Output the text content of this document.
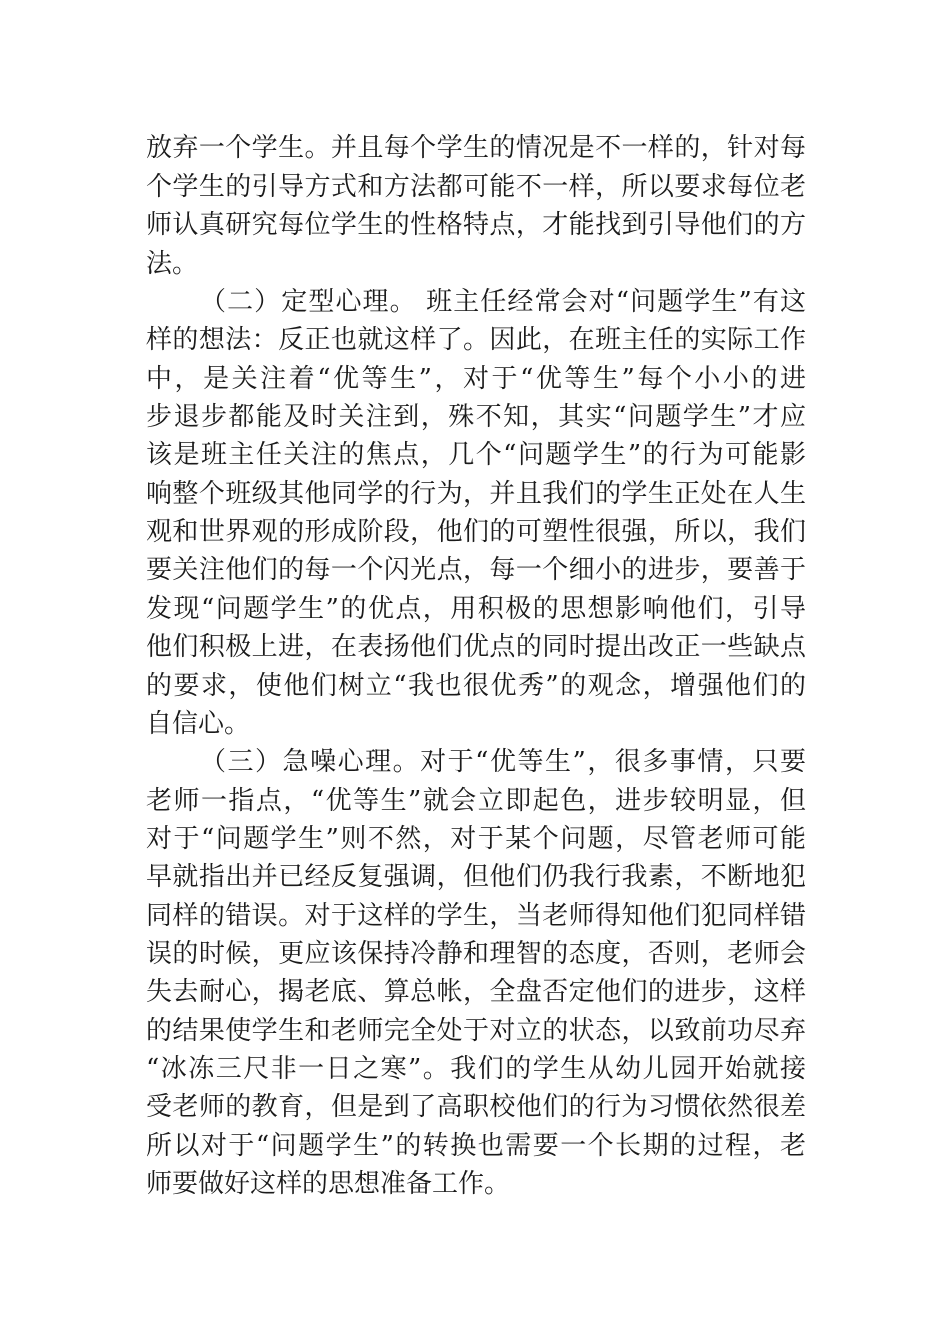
放弃一个学生。并且每个学生的情况是不一样的，针对每
个学生的引导方式和方法都可能不一样，所以要求每位老
师认真研究每位学生的性格特点，才能找到引导他们的方
法。
（二）定型心理。 班主任经常会对“问题学生”有这
样的想法：反正也就这样了。因此，在班主任的实际工作
中，是关注着“优等生”，对于“优等生”每个小小的进
步退步都能及时关注到，殊不知，其实“问题学生”才应
该是班主任关注的焦点，几个“问题学生”的行为可能影
响整个班级其他同学的行为，并且我们的学生正处在人生
观和世界观的形成阶段，他们的可塑性很强，所以，我们
要关注他们的每一个闪光点，每一个细小的进步，要善于
发现“问题学生”的优点，用积极的思想影响他们，引导
他们积极上进，在表扬他们优点的同时提出改正一些缺点
的要求，使他们树立“我也很优秀”的观念，增强他们的
自信心。
（三）急噪心理。对于“优等生”，很多事情，只要
老师一指点，“优等生”就会立即起色，进步较明显，但
对于“问题学生”则不然，对于某个问题，尽管老师可能
早就指出并已经反复强调，但他们仍我行我素，不断地犯
同样的错误。对于这样的学生，当老师得知他们犯同样错
误的时候，更应该保持冷静和理智的态度，否则，老师会
失去耐心，揭老底、算总帐，全盘否定他们的进步，这样
的结果使学生和老师完全处于对立的状态，以致前功尽弃
“冰冻三尺非一日之寒”。我们的学生从幼儿园开始就接
受老师的教育，但是到了高职校他们的行为习惯依然很差
所以对于“问题学生”的转换也需要一个长期的过程，老
师要做好这样的思想准备工作。
